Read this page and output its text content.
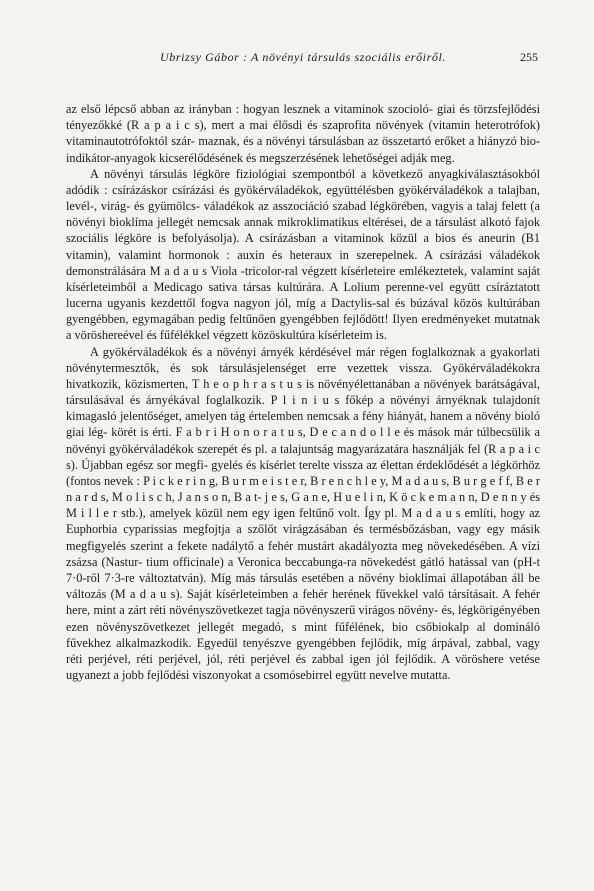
Ubrizsy Gábor : A növényi társulás szociális erőiről.	255

az első lépcső abban az irányban : hogyan lesznek a vitaminok szocioló- giai és törzsfejlődési tényezőkké (R a p a i c s), mert a mai élősdi és szaprofita növények (vitamin heterotrófok) vitaminautotrófoktól szár- maznak, és a növényi társulásban az összetartó erőket a hiányzó bio- indikátor-anyagok kicserélődésének és megszerzésének lehetőségei adják meg.

A növényi társulás légköre fiziológiai szempontból a következő anyagkiválasztásokból adódik : csírázáskor csírázási és gyökérváladékok, együttélésben gyökérváladékok a talajban, levél-, virág- és gyümölcs- váladékok az asszociáció szabad légkörében, vagyis a talaj felett (a növényi bioklíma jellegét nemcsak annak mikroklimatikus eltérései, de a társulást alkotó fajok szociális légköre is befolyásolja). A csírázásban a vitaminok közül a bios és aneurin (B1 vitamin), valamint hormonok : auxin és heteraux in szerepelnek. A csírázási váladékok demonstrálására M a d a u s Viola -tricolor-ral végzett kísérleteire emlékeztetek, valamint saját kísérleteimből a Medicago sativa társas kultúrára. A Lolium perenne-vel együtt csíráztatott lucerna ugyanis kezdettől fogva nagyon jól, míg a Dactylis-sal és búzával közös kultúrában gyengébben, egymagában pedig feltűnően gyengébben fejlődött! Ilyen eredményeket mutatnak a vöröshereével és fűfélékkel végzett közöskultúra kísérleteim is.

A gyökérváladékok és a növényi árnyék kérdésével már régen foglalkoznak a gyakorlati növénytermesztők, és sok társulásjelenséget erre vezettek vissza. Gyökérváladékokra hivatkozik, közismerten, T h e o p h r a s t u s is növényélettanában a növények barátságával, társulásával és árnyékával foglalkozik. P l i n i u s főkép a növényi árnyéknak tulajdonít kimagasló jelentőséget, amelyen tág értelemben nemcsak a fény hiányát, hanem a növény bioló giai lég- körét is érti. F a b r i H o n o r a t u s, D e c a n d o l l e és mások már túlbecsülik a növényi gyökérváladékok szerepét és pl. a talajuntság magyarázatára használják fel (R a p a i c s). Újabban egész sor megfi- gyelés és kísérlet terelte vissza az élettan érdeklődését a légkörhöz (fontos nevek : P i c k e r i n g, B u r m e i s t e r, B r e n c h l e y, M a d a u s, B u r g e f f, B e r n a r d s, M o l i s c h, J a n s o n, B a t- j e s, G a n e, H u e l i n, K ö c k e m a n n, D e n n y és M i l l e r stb.), amelyek közül nem egy igen feltűnő volt. Így pl. M a d a u s említi, hogy az Euphorbia cyparissias megfojtja a szőlőt virágzásában és termésbőzásban, vagy egy másik megfigyelés szerint a fekete nadálytő a fehér mustárt akadályozta meg növekedésében. A vízi zsázsa (Nastur- tium officinale) a Veronica beccabunga-ra növekedést gátló hatással van (pH-t 7·0-ről 7·3-re változtatván). Míg más társulás esetében a növény bioklímai állapotában áll be változás (M a d a u s). Saját kísérleteimben a fehér herének fűvekkel való társításait. A fehér here, mint a zárt réti növényszövetkezet tagja növényszerű virágos növény- és, légkörigényében ezen növényszövetkezet jellegét megadó, s mint fűfélének, bio csőbiokalp al domináló fűvekhez alkalmazkodik. Egyedül tenyészve gyengébben fejlődik, míg árpával, zabbal, vagy réti perjével, réti perjével, jól, réti perjével és zabbal igen jól fejlődik. A vöröshere vetése ugyanezt a jobb fejlődési viszonyokat a csomósebirrel együtt nevelve mutatta.
